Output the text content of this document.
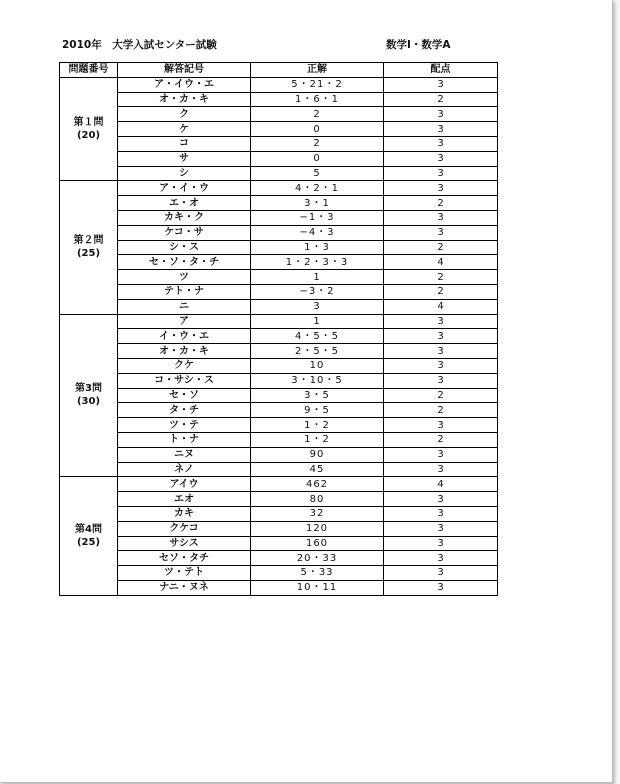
2010年　大学入試センター試験	数学Ⅰ・数学A
問題番号	解答記号	正解	配点

第１問
(20)	ア・イウ・エ	5・21・2	3
	オ・カ・キ	1・6・1	2
	ク	2	3
	ケ	0	3
	コ	2	3
	サ	0	3
	シ	5	3

第２問
(25)	ア・イ・ウ	4・2・1	3
	エ・オ	3・1	2
	カキ・ク	−1・3	3
	ケコ・サ	−4・3	3
	シ・ス	1・3	2
	セ・ソ・タ・チ	1・2・3・3	4
	ツ	1	2
	テト・ナ	−3・2	2
	ニ	3	4

第3問
(30)	ア	1	3
	イ・ウ・エ	4・5・5	3
	オ・カ・キ	2・5・5	3
	クケ	10	3
	コ・サシ・ス	3・10・5	3
	セ・ソ	3・5	2
	タ・チ	9・5	2
	ツ・テ	1・2	3
	ト・ナ	1・2	2
	ニヌ	90	3
	ネノ	45	3

第4問
(25)	アイウ	462	4
	エオ	80	3
	カキ	32	3
	クケコ	120	3
	サシス	160	3
	セソ・タチ	20・33	3
	ツ・テト	5・33	3
	ナニ・ヌネ	10・11	3
